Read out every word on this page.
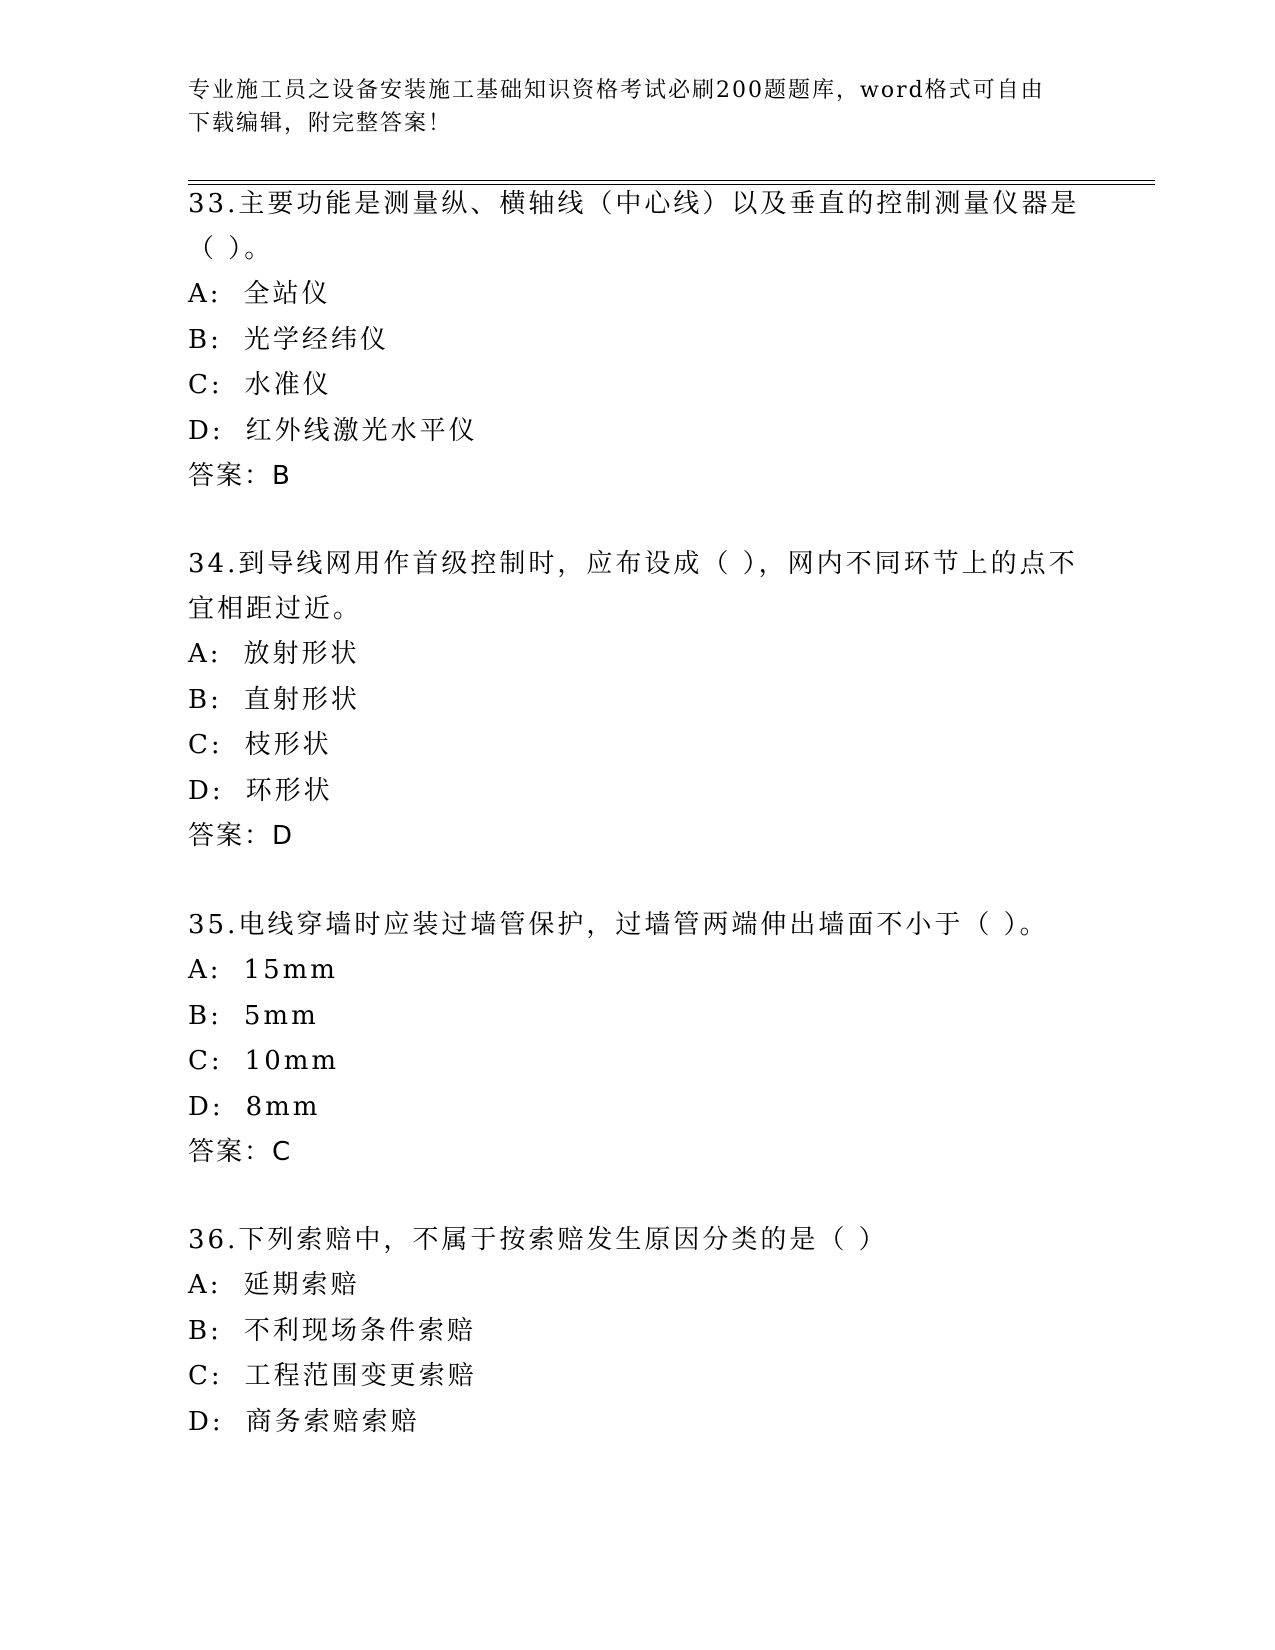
专业施工员之设备安装施工基础知识资格考试必刷200题题库，word格式可自由下载编辑，附完整答案！

33.主要功能是测量纵、横轴线（中心线）以及垂直的控制测量仪器是（ ）。

A: 全站仪

B: 光学经纬仪

C: 水准仪

D: 红外线激光水平仪

答案：B

34.到导线网用作首级控制时，应布设成（ ），网内不同环节上的点不宜相距过近。

A: 放射形状

B: 直射形状

C: 枝形状

D: 环形状

答案：D

35.电线穿墙时应装过墙管保护，过墙管两端伸出墙面不小于（ ）。

A: 15mm

B: 5mm

C: 10mm

D: 8mm

答案：C

36.下列索赔中，不属于按索赔发生原因分类的是（ ）

A: 延期索赔

B: 不利现场条件索赔

C: 工程范围变更索赔

D: 商务索赔索赔
